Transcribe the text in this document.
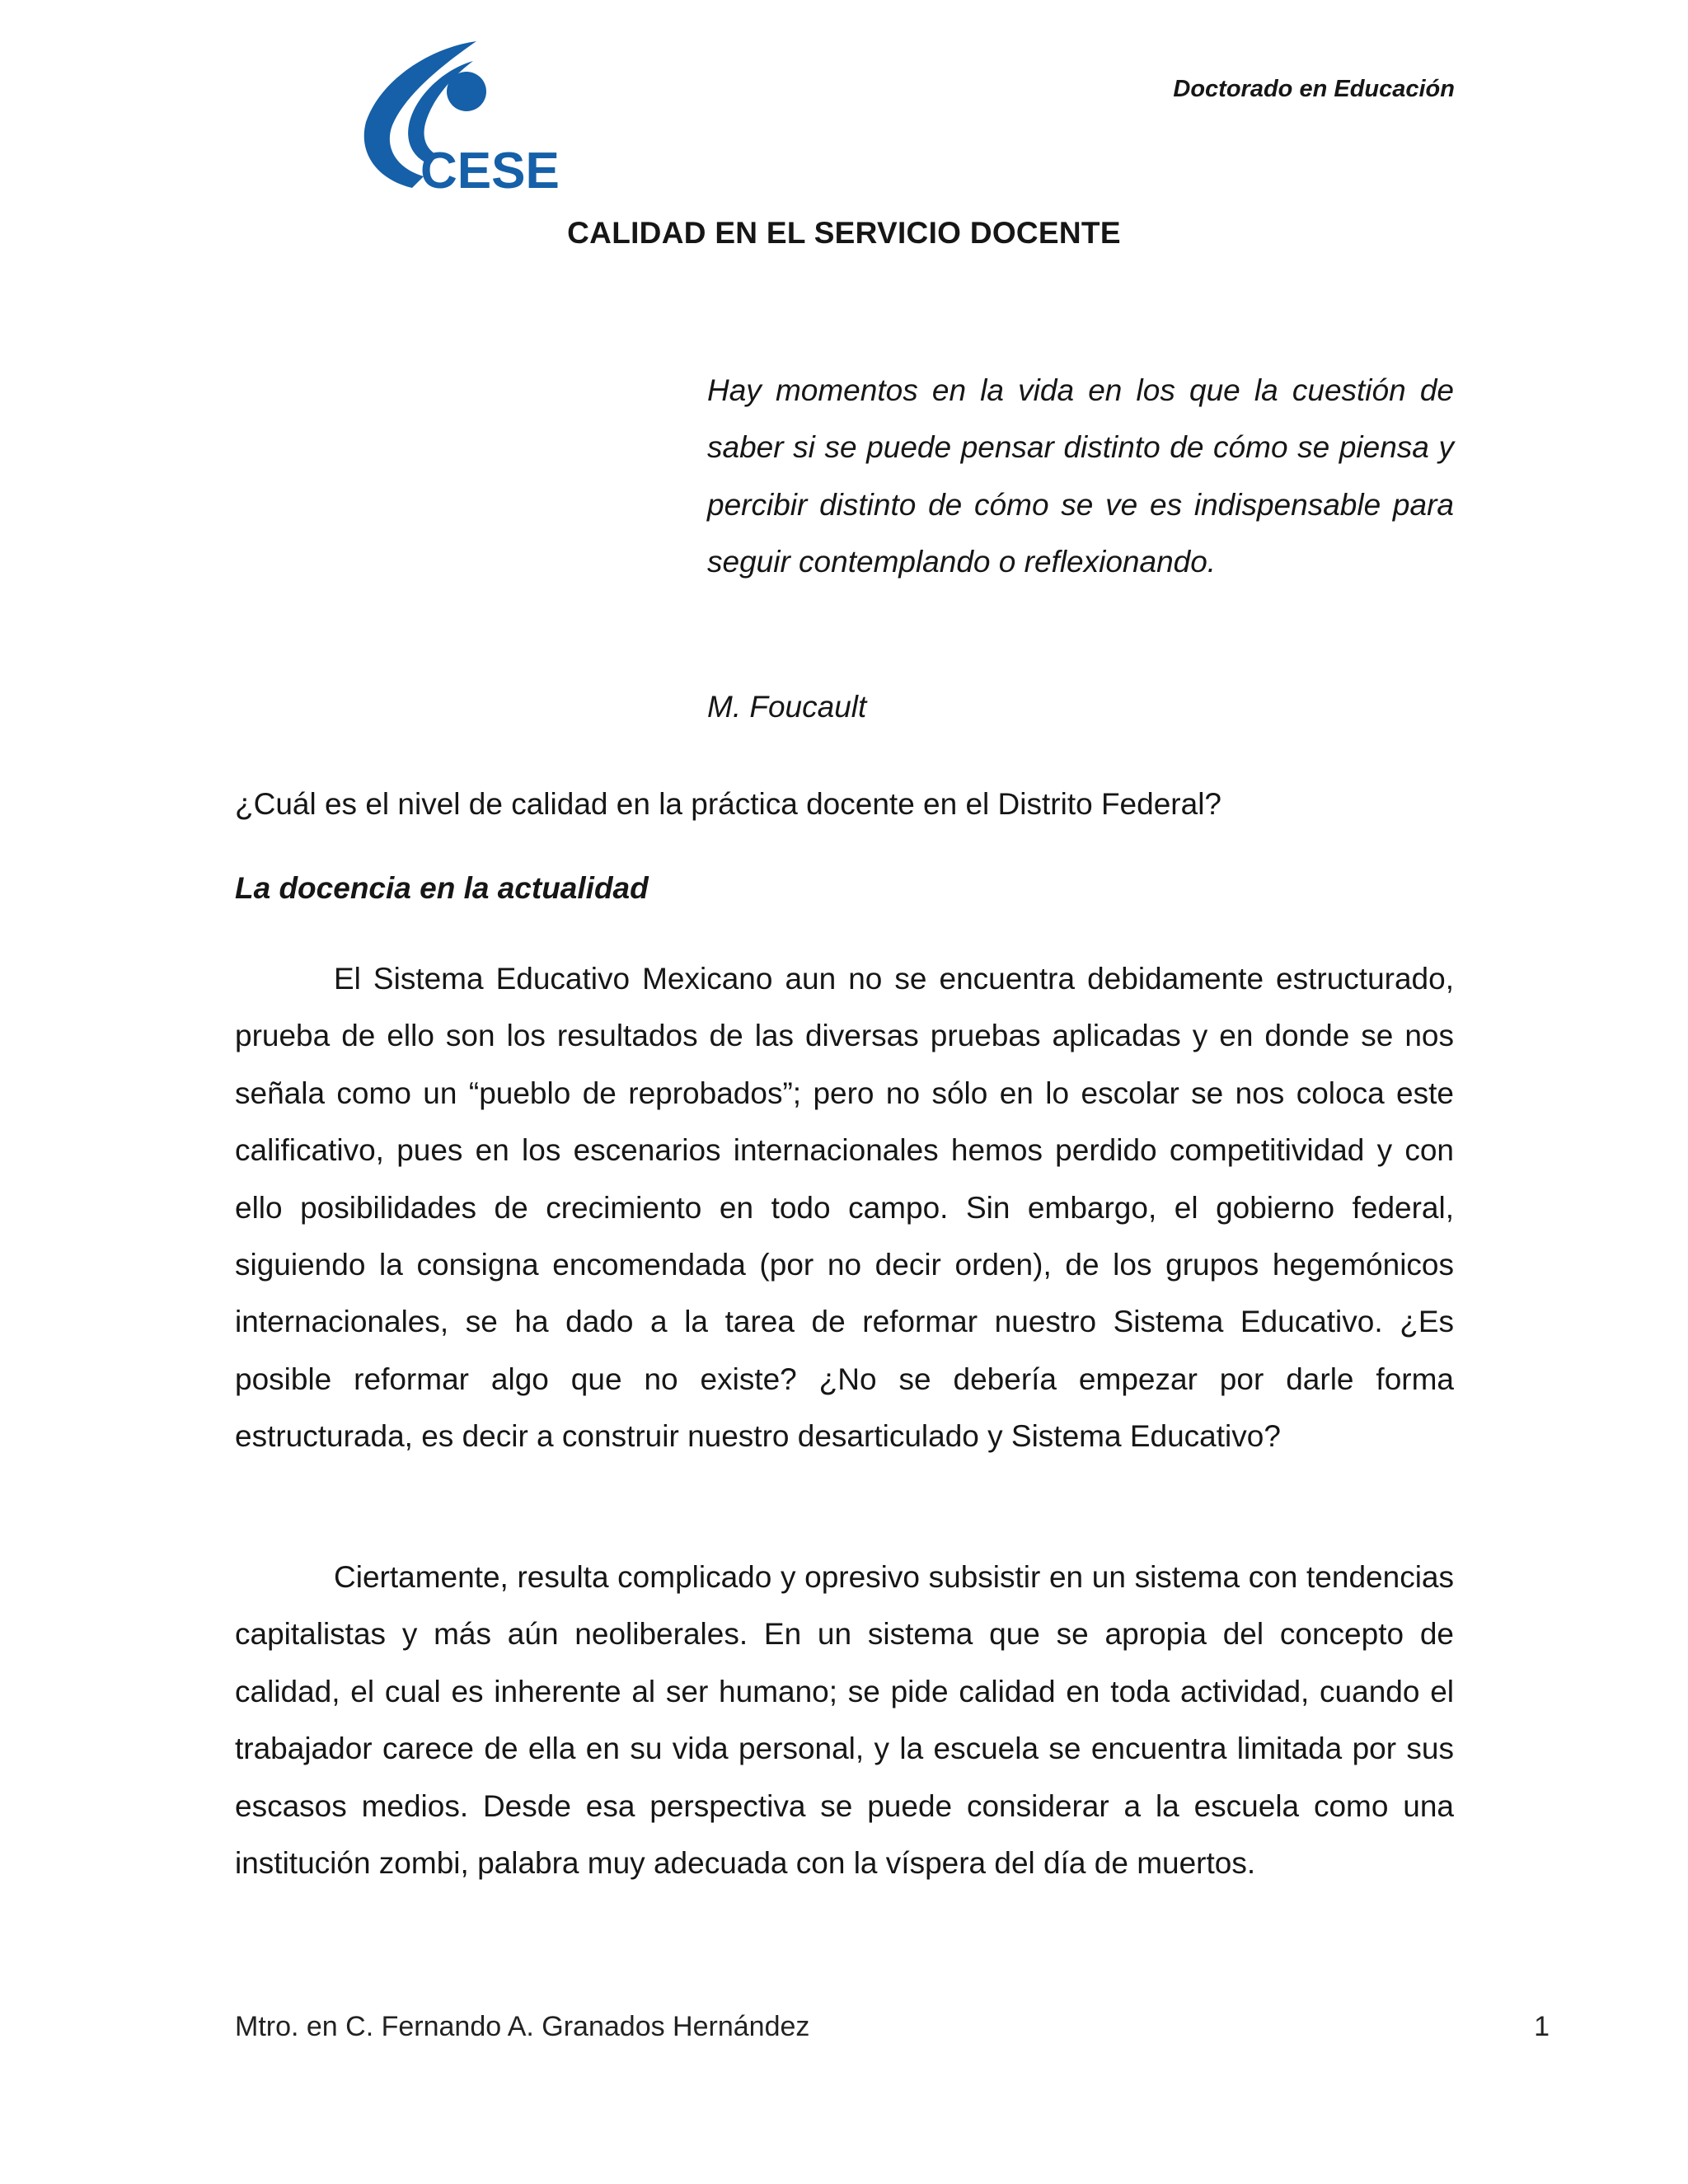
CESE
Doctorado en Educación
CALIDAD EN EL SERVICIO DOCENTE

Hay momentos en la vida en los que la cuestión de saber si se puede pensar distinto de cómo se piensa y percibir distinto de cómo se ve es indispensable para seguir contemplando o reflexionando.

M. Foucault

¿Cuál es el nivel de calidad en la práctica docente en el Distrito Federal?

La docencia en la actualidad

El Sistema Educativo Mexicano aun no se encuentra debidamente estructurado, prueba de ello son los resultados de las diversas pruebas aplicadas y en donde se nos señala como un “pueblo de reprobados”; pero no sólo en lo escolar se nos coloca este calificativo, pues en los escenarios internacionales hemos perdido competitividad y con ello posibilidades de crecimiento en todo campo. Sin embargo, el gobierno federal, siguiendo la consigna encomendada (por no decir orden), de los grupos hegemónicos internacionales, se ha dado a la tarea de reformar nuestro Sistema Educativo. ¿Es posible reformar algo que no existe? ¿No se debería empezar por darle forma estructurada, es decir a construir nuestro desarticulado y Sistema Educativo?

Ciertamente, resulta complicado y opresivo subsistir en un sistema con tendencias capitalistas y más aún neoliberales. En un sistema que se apropia del concepto de calidad, el cual es inherente al ser humano; se pide calidad en toda actividad, cuando el trabajador carece de ella en su vida personal, y la escuela se encuentra limitada por sus escasos medios. Desde esa perspectiva se puede considerar a la escuela como una institución zombi, palabra muy adecuada con la víspera del día de muertos.

Mtro. en C. Fernando A. Granados Hernández	1
